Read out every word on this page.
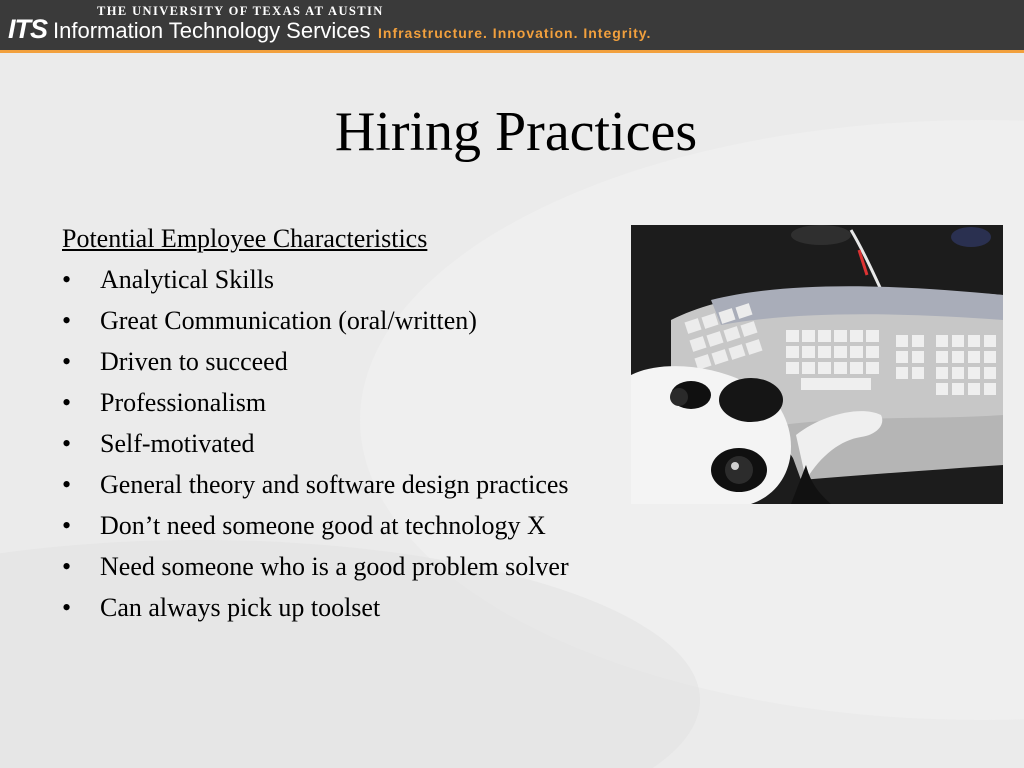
ITS
THE UNIVERSITY OF TEXAS AT AUSTIN
Information Technology Services Infrastructure. Innovation. Integrity.
Hiring Practices
Potential Employee Characteristics
• Analytical Skills
• Great Communication (oral/written)
• Driven to succeed
• Professionalism
• Self-motivated
• General theory and software design practices
• Don’t need someone good at technology X
• Need someone who is a good problem solver
• Can always pick up toolset
